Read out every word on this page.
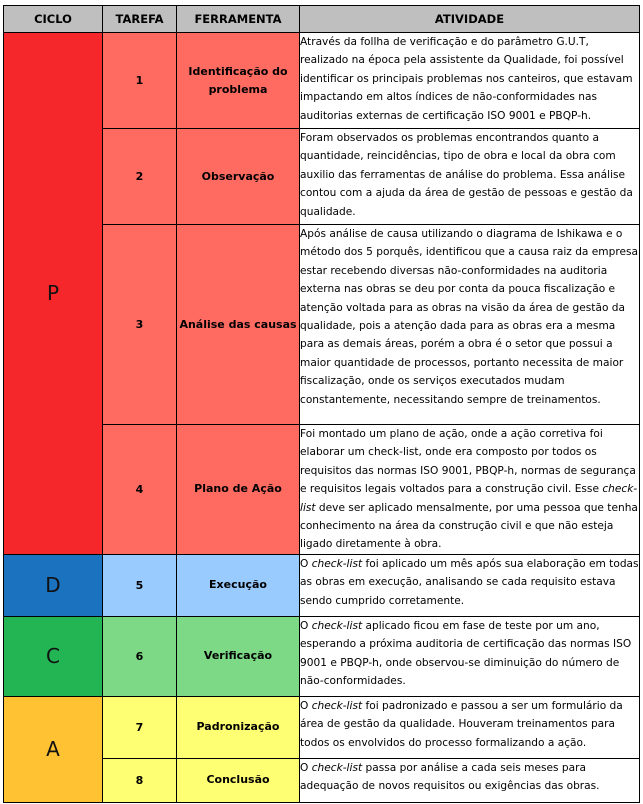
CICLO	TAREFA	FERRAMENTA	ATIVIDADE
P	1	Identificação do problema	Através da follha de verificação e do parâmetro G.U.T, realizado na época pela assistente da Qualidade, foi possível identificar os principais problemas nos canteiros, que estavam impactando em altos índices de não-conformidades nas auditorias externas de certificação ISO 9001 e PBQP-h.
	2	Observação	Foram observados os problemas encontrandos quanto a quantidade, reincidências, tipo de obra e local da obra com auxilio das ferramentas de análise do problema. Essa análise contou com a ajuda da área de gestão de pessoas e gestão da qualidade.
	3	Análise das causas	Após análise de causa utilizando o diagrama de Ishikawa e o método dos 5 porquês, identificou que a causa raiz da empresa estar recebendo diversas não-conformidades na auditoria externa nas obras se deu por conta da pouca fiscalização e atenção voltada para as obras na visão da área de gestão da qualidade, pois a atenção dada para as obras era a mesma para as demais áreas, porém a obra é o setor que possui a maior quantidade de processos, portanto necessita de maior fiscalização, onde os serviços executados mudam constantemente, necessitando sempre de treinamentos.
	4	Plano de Ação	Foi montado um plano de ação, onde a ação corretiva foi elaborar um check-list, onde era composto por todos os requisitos das normas ISO 9001, PBQP-h, normas de segurança e requisitos legais voltados para a construção civil. Esse check-list deve ser aplicado mensalmente, por uma pessoa que tenha conhecimento na área da construção civil e que não esteja ligado diretamente à obra.
D	5	Execução	O check-list foi aplicado um mês após sua elaboração em todas as obras em execução, analisando se cada requisito estava sendo cumprido corretamente.
C	6	Verificação	O check-list aplicado ficou em fase de teste por um ano, esperando a próxima auditoria de certificação das normas ISO 9001 e PBQP-h, onde observou-se diminuição do número de não-conformidades.
A	7	Padronização	O check-list foi padronizado e passou a ser um formulário da área de gestão da qualidade. Houveram treinamentos para todos os envolvidos do processo formalizando a ação.
	8	Conclusão	O check-list passa por análise a cada seis meses para adequação de novos requisitos ou exigências das obras.
